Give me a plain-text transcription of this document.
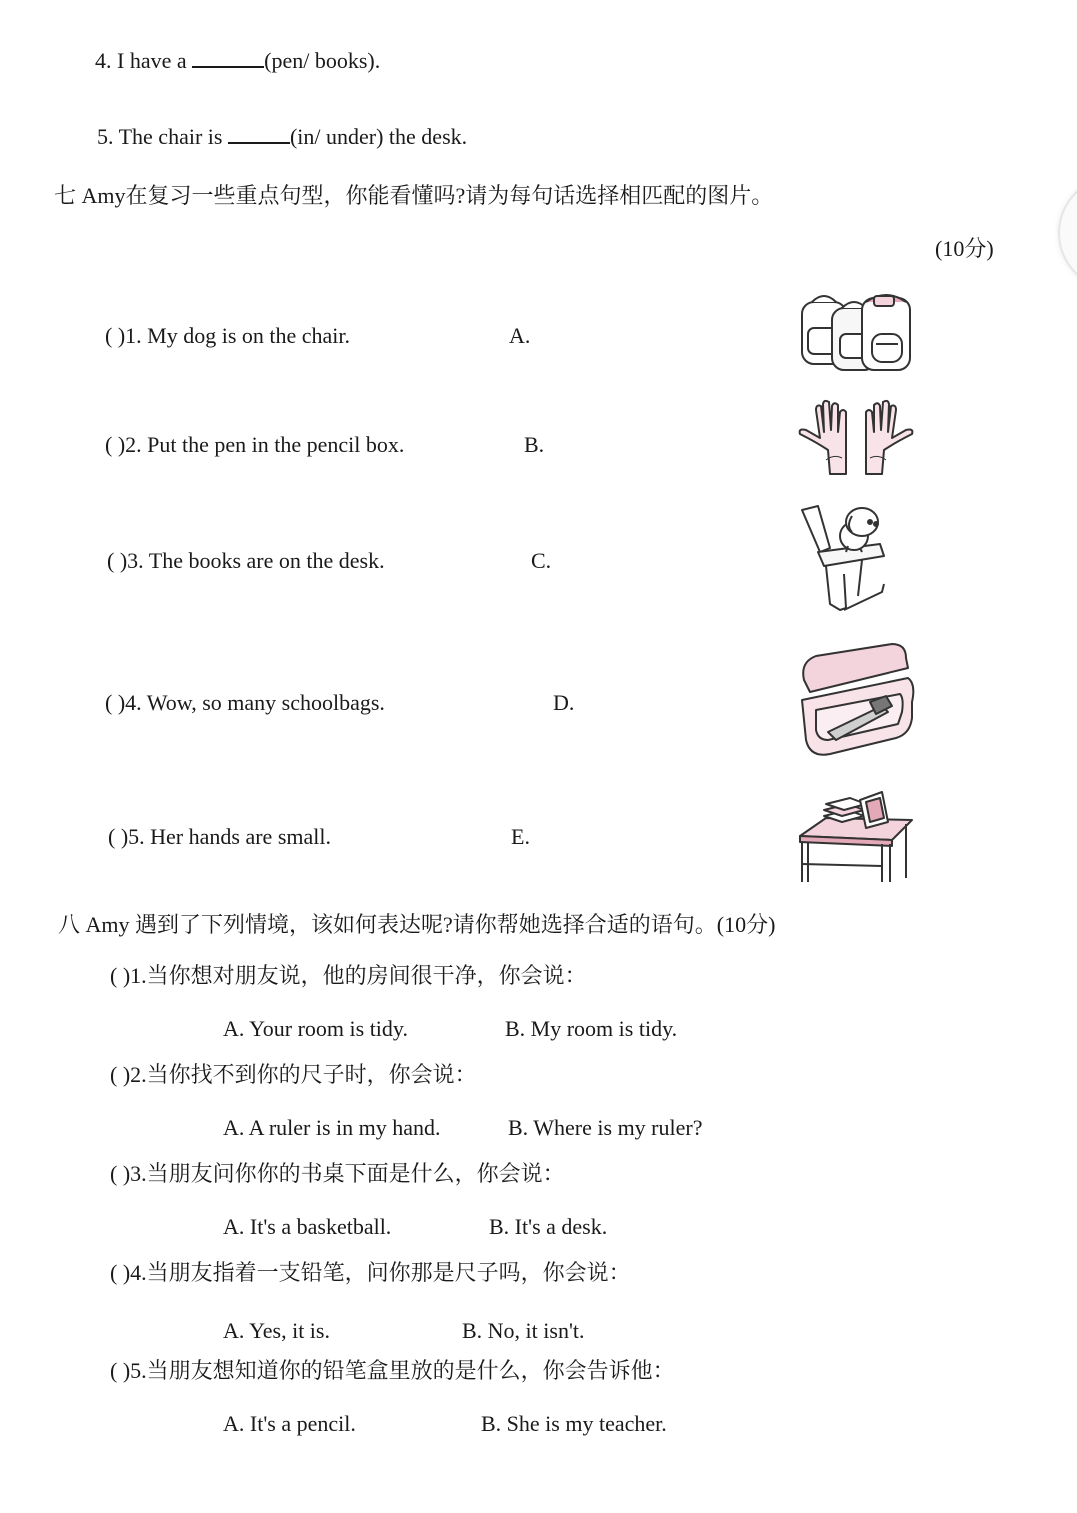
4. I have a	(pen/ books).
5. The chair is	(in/ under) the desk.
七 Amy在复习一些重点句型，你能看懂吗?请为每句话选择相匹配的图片。
(10分)
( )1. My dog is on the chair.	A.
( )2. Put the pen in the pencil box.	B.
( )3. The books are on the desk.	C.
( )4. Wow, so many schoolbags.	D.
( )5. Her hands are small.	E.
八 Amy 遇到了下列情境，该如何表达呢?请你帮她选择合适的语句。(10分)
( )1.当你想对朋友说，他的房间很干净，你会说：
A. Your room is tidy.	B. My room is tidy.
( )2.当你找不到你的尺子时，你会说：
A. A ruler is in my hand.	B. Where is my ruler?
( )3.当朋友问你你的书桌下面是什么，你会说：
A. It's a basketball.	B. It's a desk.
( )4.当朋友指着一支铅笔，问你那是尺子吗，你会说：
A. Yes, it is.	B. No, it isn't.
( )5.当朋友想知道你的铅笔盒里放的是什么，你会告诉他：
A. It's a pencil.	B. She is my teacher.
